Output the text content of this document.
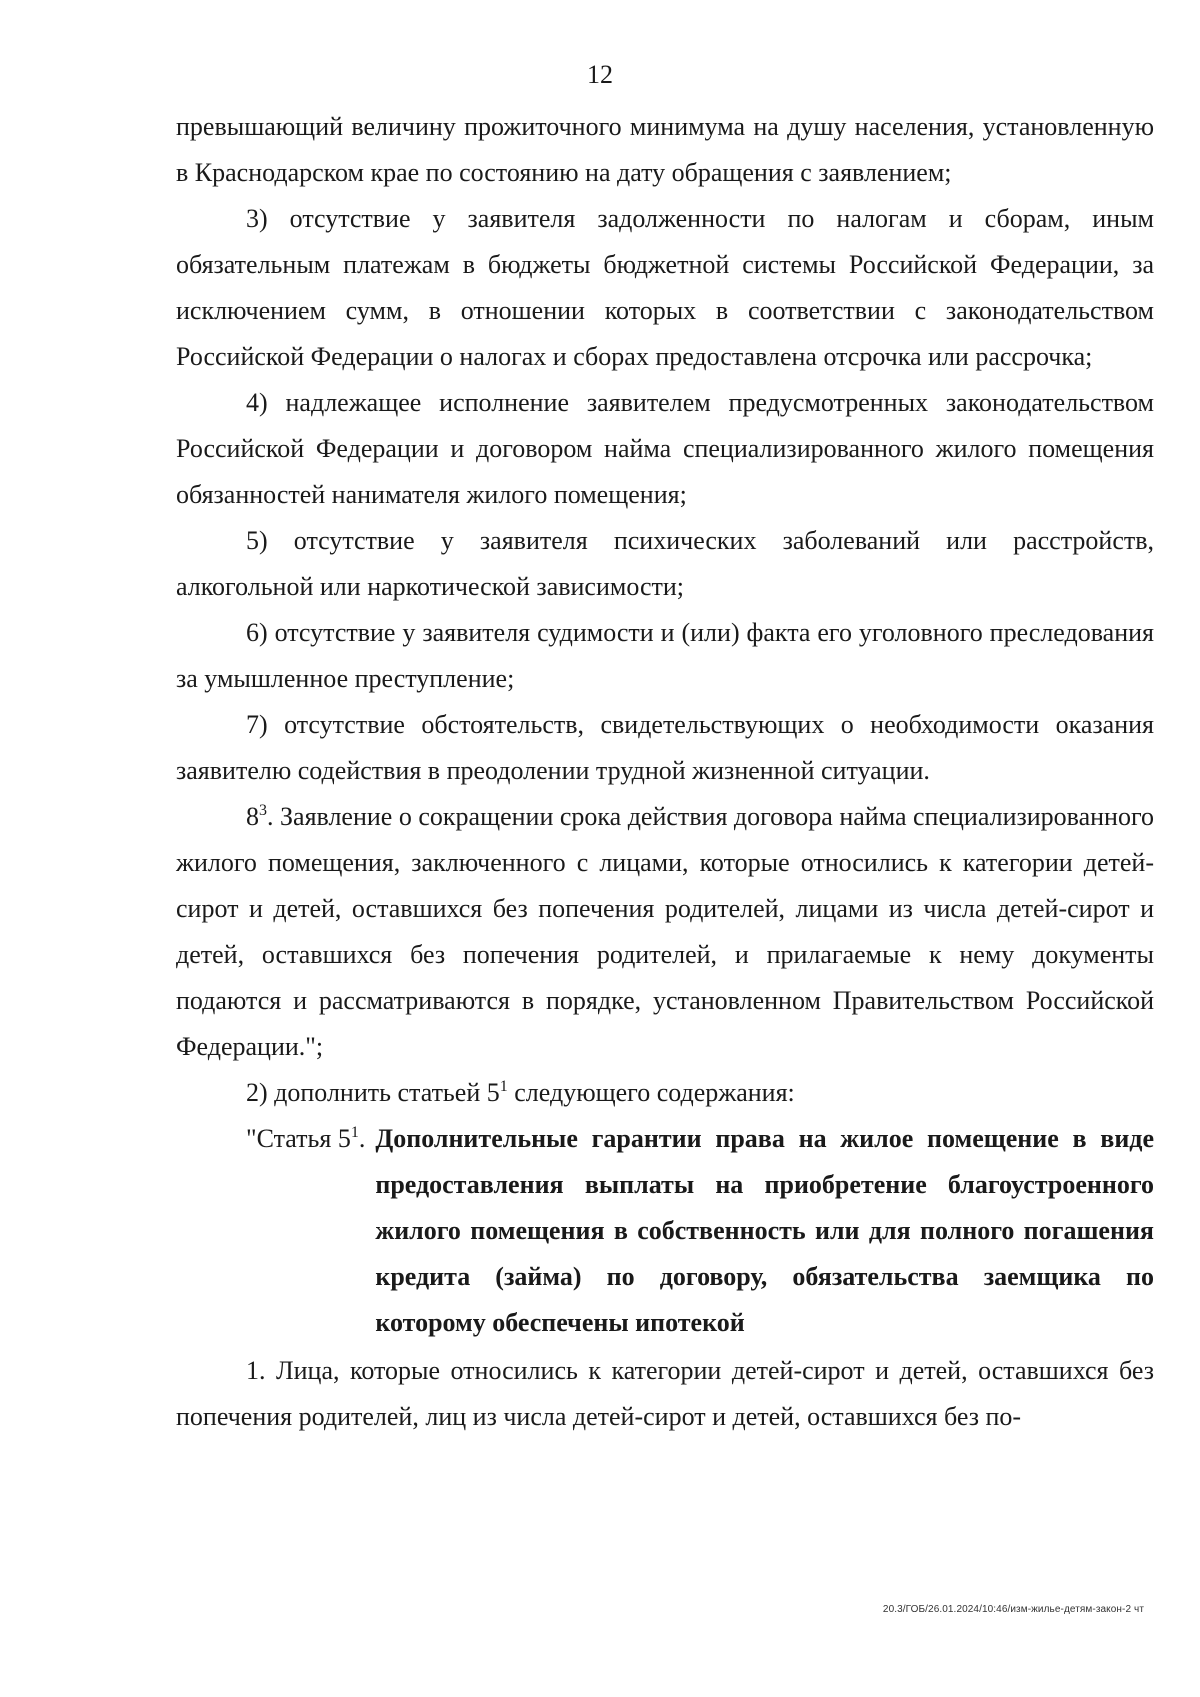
12

превышающий величину прожиточного минимума на душу населения, установленную в Краснодарском крае по состоянию на дату обращения с заявлением;

3) отсутствие у заявителя задолженности по налогам и сборам, иным обязательным платежам в бюджеты бюджетной системы Российской Федерации, за исключением сумм, в отношении которых в соответствии с законодательством Российской Федерации о налогах и сборах предоставлена отсрочка или рассрочка;

4) надлежащее исполнение заявителем предусмотренных законодательством Российской Федерации и договором найма специализированного жилого помещения обязанностей нанимателя жилого помещения;

5) отсутствие у заявителя психических заболеваний или расстройств, алкогольной или наркотической зависимости;

6) отсутствие у заявителя судимости и (или) факта его уголовного преследования за умышленное преступление;

7) отсутствие обстоятельств, свидетельствующих о необходимости оказания заявителю содействия в преодолении трудной жизненной ситуации.

$8^3$. Заявление о сокращении срока действия договора найма специализированного жилого помещения, заключенного с лицами, которые относились к категории детей-сирот и детей, оставшихся без попечения родителей, лицами из числа детей-сирот и детей, оставшихся без попечения родителей, и прилагаемые к нему документы подаются и рассматриваются в порядке, установленном Правительством Российской Федерации.";

2) дополнить статьей $5^1$ следующего содержания:

"Статья $5^1$. Дополнительные гарантии права на жилое помещение в виде предоставления выплаты на приобретение благоустроенного жилого помещения в собственность или для полного погашения кредита (займа) по договору, обязательства заемщика по которому обеспечены ипотекой

1. Лица, которые относились к категории детей-сирот и детей, оставшихся без попечения родителей, лиц из числа детей-сирот и детей, оставшихся без по-

20.3/ГОБ/26.01.2024/10:46/изм-жилье-детям-закон-2 чт
